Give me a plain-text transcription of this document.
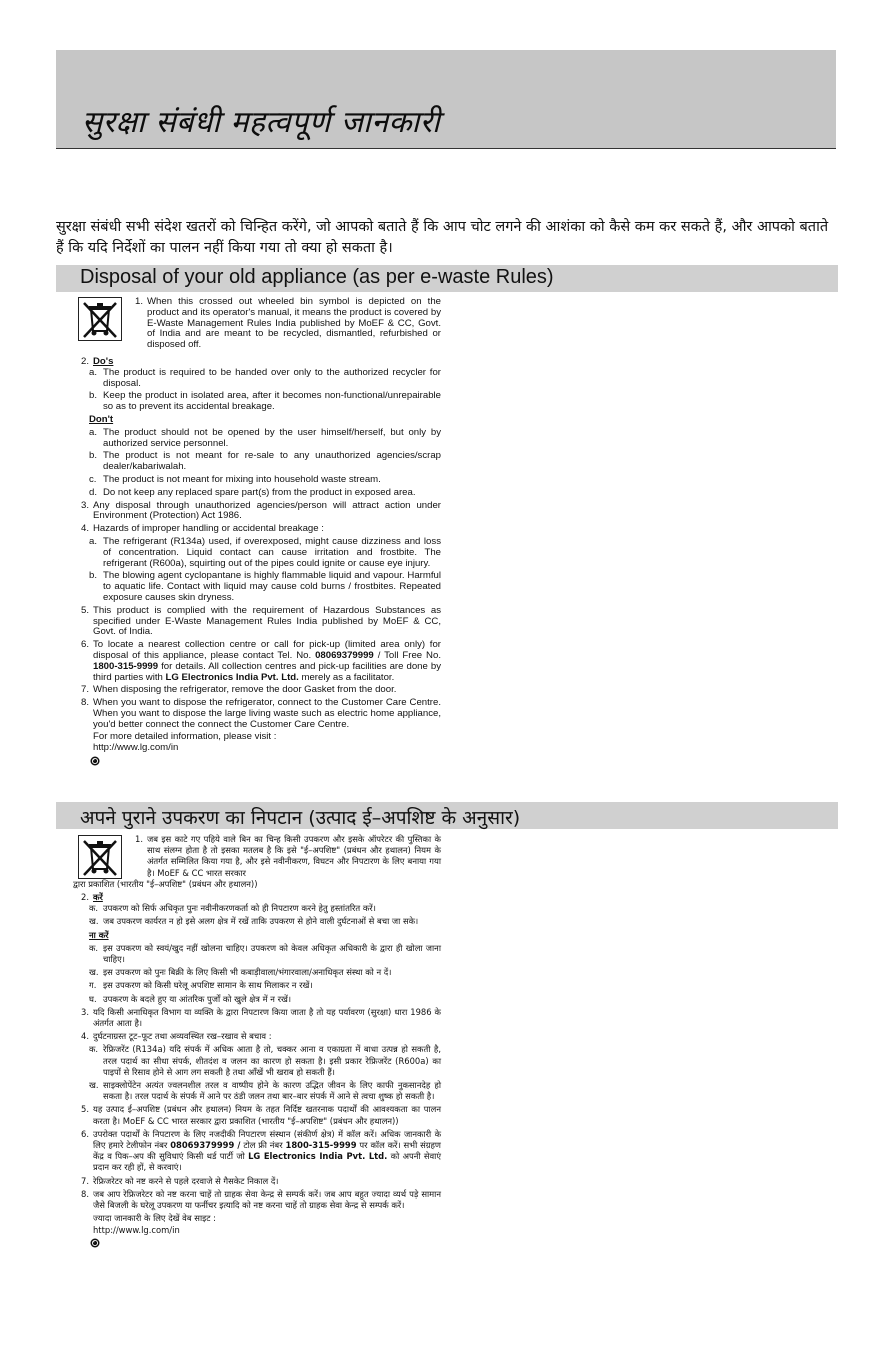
सुरक्षा संबंधी महत्वपूर्ण जानकारी
सुरक्षा संबंधी सभी संदेश खतरों को चिन्हित करेंगे, जो आपको बताते हैं कि आप चोट लगने की आशंका को कैसे कम कर सकते हैं, और आपको बताते हैं कि यदि निर्देशों का पालन नहीं किया गया तो क्या हो सकता है।
Disposal of your old appliance (as per e-waste Rules)
1. When this crossed out wheeled bin symbol is depicted on the product and its operator's manual, it means the product is covered by E-Waste Management Rules India published by MoEF & CC, Govt. of India and are meant to be recycled, dismantled, refurbished or disposed off.
2. Do's
a. The product is required to be handed over only to the authorized recycler for disposal.
b. Keep the product in isolated area, after it becomes non-functional/unrepairable so as to prevent its accidental breakage.
Don't
a. The product should not be opened by the user himself/herself, but only by authorized service personnel.
b. The product is not meant for re-sale to any unauthorized agencies/scrap dealer/kabariwalah.
c. The product is not meant for mixing into household waste stream.
d. Do not keep any replaced spare part(s) from the product in exposed area.
3. Any disposal through unauthorized agencies/person will attract action under Environment (Protection) Act 1986.
4. Hazards of improper handling or accidental breakage :
a. The refrigerant (R134a) used, if overexposed, might cause dizziness and loss of concentration. Liquid contact can cause irritation and frostbite. The refrigerant (R600a), squirting out of the pipes could ignite or cause eye injury.
b. The blowing agent cyclopantane is highly flammable liquid and vapour. Harmful to aquatic life. Contact with liquid may cause cold burns / frostbites. Repeated exposure causes skin dryness.
5. This product is complied with the requirement of Hazardous Substances as specified under E-Waste Management Rules India published by MoEF & CC, Govt. of India.
6. To locate a nearest collection centre or call for pick-up (limited area only) for disposal of this appliance, please contact Tel. No. 08069379999 / Toll Free No. 1800-315-9999 for details. All collection centres and pick-up facilities are done by third parties with LG Electronics India Pvt. Ltd. merely as a facilitator.
7. When disposing the refrigerator, remove the door Gasket from the door.
8. When you want to dispose the refrigerator, connect to the Customer Care Centre. When you want to dispose the large living waste such as electric home appliance, you'd better connect the connect the Customer Care Centre.
For more detailed information, please visit :
http://www.lg.com/in
अपने पुराने उपकरण का निपटान (उत्पाद ई–अपशिष्ट के अनुसार)
1. जब इस काटे गए पहिये वाले बिन का चिन्ह किसी उपकरण और इसके ऑपरेटर की पुस्तिका के साथ संलग्न होता है तो इसका मतलब है कि इसे "ई–अपशिष्ट" (प्रबंधन और हथालन) नियम के अंतर्गत सम्मिलित किया गया है, और इसे नवीनीकरण, विघटन और निपटारण के लिए बनाया गया है। MoEF & CC भारत सरकार
द्वारा प्रकाशित (भारतीय "ई–अपशिष्ट" (प्रबंधन और हथालन))
2. करें
क. उपकरण को सिर्फ अधिकृत पुनः नवीनीकरणकर्ता को ही निपटारण करने हेतु हस्तांतरित करें।
ख. जब उपकरण कार्यरत न हो इसे अलग क्षेत्र में रखें ताकि उपकरण से होने वाली दुर्घटनाओं से बचा जा सके।
ना करें
क. इस उपकरण को स्वयं/खुद नहीं खोलना चाहिए। उपकरण को केवल अधिकृत अधिकारी के द्वारा ही खोला जाना चाहिए।
ख. इस उपकरण को पुनः बिक्री के लिए किसी भी कबाड़ीवाला/भंगारवाला/अनाधिकृत संस्था को न दें।
ग. इस उपकरण को किसी घरेलू अपशिष्ट सामान के साथ मिलाकर न रखें।
घ. उपकरण के बदले हुए या आंतरिक पुर्जों को खुले क्षेत्र में न रखें।
3. यदि किसी अनाधिकृत विभाग या व्यक्ति के द्वारा निपटारण किया जाता है तो यह पर्यावरण (सुरक्षा) धारा 1986 के अंतर्गत आता है।
4. दुर्घटनाग्रस्त टूट–फूट तथा अव्यवस्थित रख–रखाव से बचाव :
क. रेफ्रिजरेंट (R134a) यदि संपर्क में अधिक आता है तो, चक्कर आना व एकाग्रता में बाधा उत्पन्न हो सकती है, तरल पदार्थ का सीधा संपर्क, शीतदंश व जलन का कारण हो सकता है। इसी प्रकार रेफ्रिजरेंट (R600a) का पाइपों से रिसाव होने से आग लग सकती है तथा आँखें भी खराब हो सकती हैं।
ख. साइक्लोपेंटेन अत्यंत ज्वलनशील तरल व वाष्पीय होने के कारण उद्भित जीवन के लिए काफी नुकसानदेह हो सकता है। तरल पदार्थ के संपर्क में आने पर ठंडी जलन तथा बार–बार संपर्क में आने से त्वचा शुष्क हो सकती है।
5. यह उत्पाद ई–अपशिष्ट (प्रबंधन और हथालन) नियम के तहत निर्दिष्ट खतरनाक पदार्थों की आवश्यकता का पालन करता है। MoEF & CC भारत सरकार द्वारा प्रकाशित (भारतीय "ई–अपशिष्ट" (प्रबंधन और हथालन))
6. उपरोक्त पदार्थों के निपटारण के लिए नजदीकी निपटारण संस्थान (संकीर्ण क्षेत्र) में कॉल करें। अधिक जानकारी के लिए हमारे टेलीफोन नंबर 08069379999 / टोल फ्री नंबर 1800-315-9999 पर कॉल करें। सभी संग्रहण केंद्र व पिक–अप की सुविधाएं किसी थर्ड पार्टी जो LG Electronics India Pvt. Ltd. को अपनी सेवाएं प्रदान कर रही हों, से करवाएं।
7. रेफ्रिजरेटर को नष्ट करने से पहले दरवाजे से गैसकेट निकाल दें।
8. जब आप रेफ्रिजरेटर को नष्ट करना चाहें तो ग्राहक सेवा केन्द्र से सम्पर्क करें। जब आप बहुत ज्यादा व्यर्थ पड़े सामान जैसे बिजली के घरेलू उपकरण या फर्नीचर इत्यादि को नष्ट करना चाहें तो ग्राहक सेवा केन्द्र से सम्पर्क करें।
ज्यादा जानकारी के लिए देखें वेब साइट :
http://www.lg.com/in
